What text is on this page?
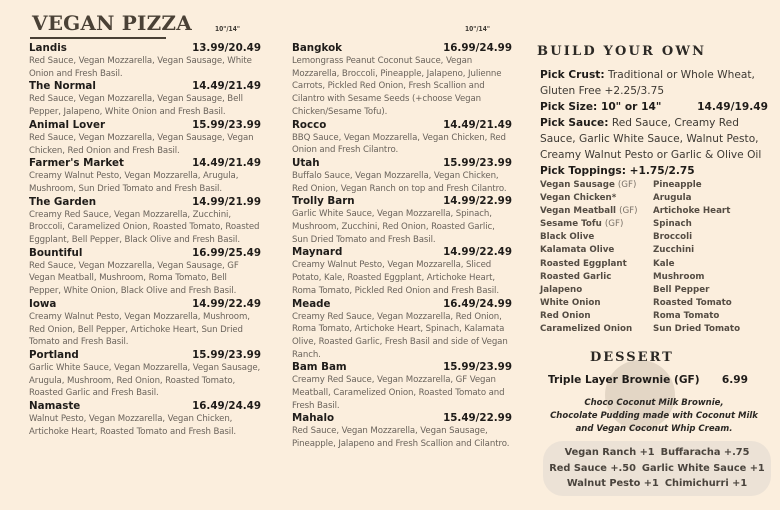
VEGAN PIZZA	10"/14"	10"/14"
Landis	13.99/20.49
Red Sauce, Vegan Mozzarella, Vegan Sausage, White Onion and Fresh Basil.
The Normal	14.49/21.49
Red Sauce, Vegan Mozzarella, Vegan Sausage, Bell Pepper, Jalapeno, White Onion and Fresh Basil.
Animal Lover	15.99/23.99
Red Sauce, Vegan Mozzarella, Vegan Sausage, Vegan Chicken, Red Onion and Fresh Basil.
Farmer's Market	14.49/21.49
Creamy Walnut Pesto, Vegan Mozzarella, Arugula, Mushroom, Sun Dried Tomato and Fresh Basil.
The Garden	14.99/21.99
Creamy Red Sauce, Vegan Mozzarella, Zucchini, Broccoli, Caramelized Onion, Roasted Tomato, Roasted Eggplant, Bell Pepper, Black Olive and Fresh Basil.
Bountiful	16.99/25.49
Red Sauce, Vegan Mozzarella, Vegan Sausage, GF Vegan Meatball, Mushroom, Roma Tomato, Bell Pepper, White Onion, Black Olive and Fresh Basil.
Iowa	14.99/22.49
Creamy Walnut Pesto, Vegan Mozzarella, Mushroom, Red Onion, Bell Pepper, Artichoke Heart, Sun Dried Tomato and Fresh Basil.
Portland	15.99/23.99
Garlic White Sauce, Vegan Mozzarella, Vegan Sausage, Arugula, Mushroom, Red Onion, Roasted Tomato, Roasted Garlic and Fresh Basil.
Namaste	16.49/24.49
Walnut Pesto, Vegan Mozzarella, Vegan Chicken, Artichoke Heart, Roasted Tomato and Fresh Basil.
Bangkok	16.99/24.99
Lemongrass Peanut Coconut Sauce, Vegan Mozzarella, Broccoli, Pineapple, Jalapeno, Julienne Carrots, Pickled Red Onion, Fresh Scallion and Cilantro with Sesame Seeds (+choose Vegan Chicken/Sesame Tofu).
Rocco	14.49/21.49
BBQ Sauce, Vegan Mozzarella, Vegan Chicken, Red Onion and Fresh Cilantro.
Utah	15.99/23.99
Buffalo Sauce, Vegan Mozzarella, Vegan Chicken, Red Onion, Vegan Ranch on top and Fresh Cilantro.
Trolly Barn	14.99/22.99
Garlic White Sauce, Vegan Mozzarella, Spinach, Mushroom, Zucchini, Red Onion, Roasted Garlic, Sun Dried Tomato and Fresh Basil.
Maynard	14.99/22.49
Creamy Walnut Pesto, Vegan Mozzarella, Sliced Potato, Kale, Roasted Eggplant, Artichoke Heart, Roma Tomato, Pickled Red Onion and Fresh Basil.
Meade	16.49/24.99
Creamy Red Sauce, Vegan Mozzarella, Red Onion, Roma Tomato, Artichoke Heart, Spinach, Kalamata Olive, Roasted Garlic, Fresh Basil and side of Vegan Ranch.
Bam Bam	15.99/23.99
Creamy Red Sauce, Vegan Mozzarella, GF Vegan Meatball, Caramelized Onion, Roasted Tomato and Fresh Basil.
Mahalo	15.49/22.99
Red Sauce, Vegan Mozzarella, Vegan Sausage, Pineapple, Jalapeno and Fresh Scallion and Cilantro.
BUILD YOUR OWN
Pick Crust: Traditional or Whole Wheat, Gluten Free +2.25/3.75
Pick Size: 10" or 14"	14.49/19.49
Pick Sauce: Red Sauce, Creamy Red Sauce, Garlic White Sauce, Walnut Pesto, Creamy Walnut Pesto or Garlic & Olive Oil
Pick Toppings: +1.75/2.75
Vegan Sausage (GF)	Pineapple
Vegan Chicken*	Arugula
Vegan Meatball (GF)	Artichoke Heart
Sesame Tofu (GF)	Spinach
Black Olive	Broccoli
Kalamata Olive	Zucchini
Roasted Eggplant	Kale
Roasted Garlic	Mushroom
Jalapeno	Bell Pepper
White Onion	Roasted Tomato
Red Onion	Roma Tomato
Caramelized Onion	Sun Dried Tomato
DESSERT
Triple Layer Brownie (GF) 6.99
Choco Coconut Milk Brownie,
Chocolate Pudding made with Coconut Milk
and Vegan Coconut Whip Cream.
Vegan Ranch +1 Buffaracha +.75
Red Sauce +.50 Garlic White Sauce +1
Walnut Pesto +1 Chimichurri +1
